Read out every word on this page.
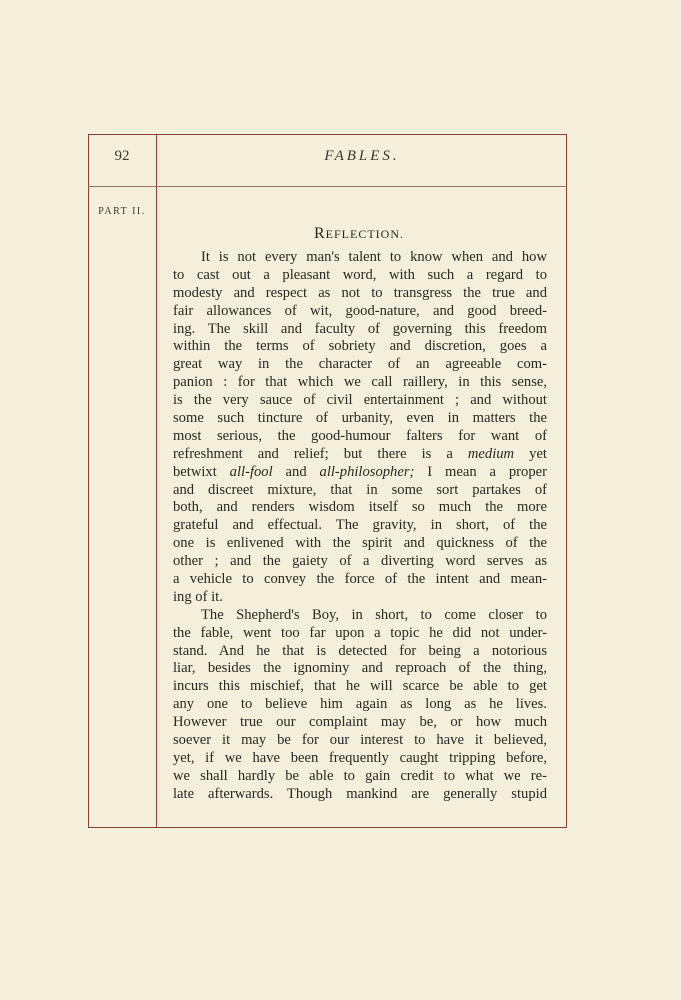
92	FABLES.
PART II.
REFLECTION.
It is not every man's talent to know when and how
to cast out a pleasant word, with such a regard to
modesty and respect as not to transgress the true and
fair allowances of wit, good-nature, and good breed-
ing. The skill and faculty of governing this freedom
within the terms of sobriety and discretion, goes a
great way in the character of an agreeable com-
panion : for that which we call raillery, in this sense,
is the very sauce of civil entertainment ; and without
some such tincture of urbanity, even in matters the
most serious, the good-humour falters for want of
refreshment and relief; but there is a medium yet
betwixt all-fool and all-philosopher; I mean a proper
and discreet mixture, that in some sort partakes of
both, and renders wisdom itself so much the more
grateful and effectual. The gravity, in short, of the
one is enlivened with the spirit and quickness of the
other ; and the gaiety of a diverting word serves as
a vehicle to convey the force of the intent and mean-
ing of it.
The Shepherd's Boy, in short, to come closer to
the fable, went too far upon a topic he did not under-
stand. And he that is detected for being a notorious
liar, besides the ignominy and reproach of the thing,
incurs this mischief, that he will scarce be able to get
any one to believe him again as long as he lives.
However true our complaint may be, or how much
soever it may be for our interest to have it believed,
yet, if we have been frequently caught tripping before,
we shall hardly be able to gain credit to what we re-
late afterwards. Though mankind are generally stupid
